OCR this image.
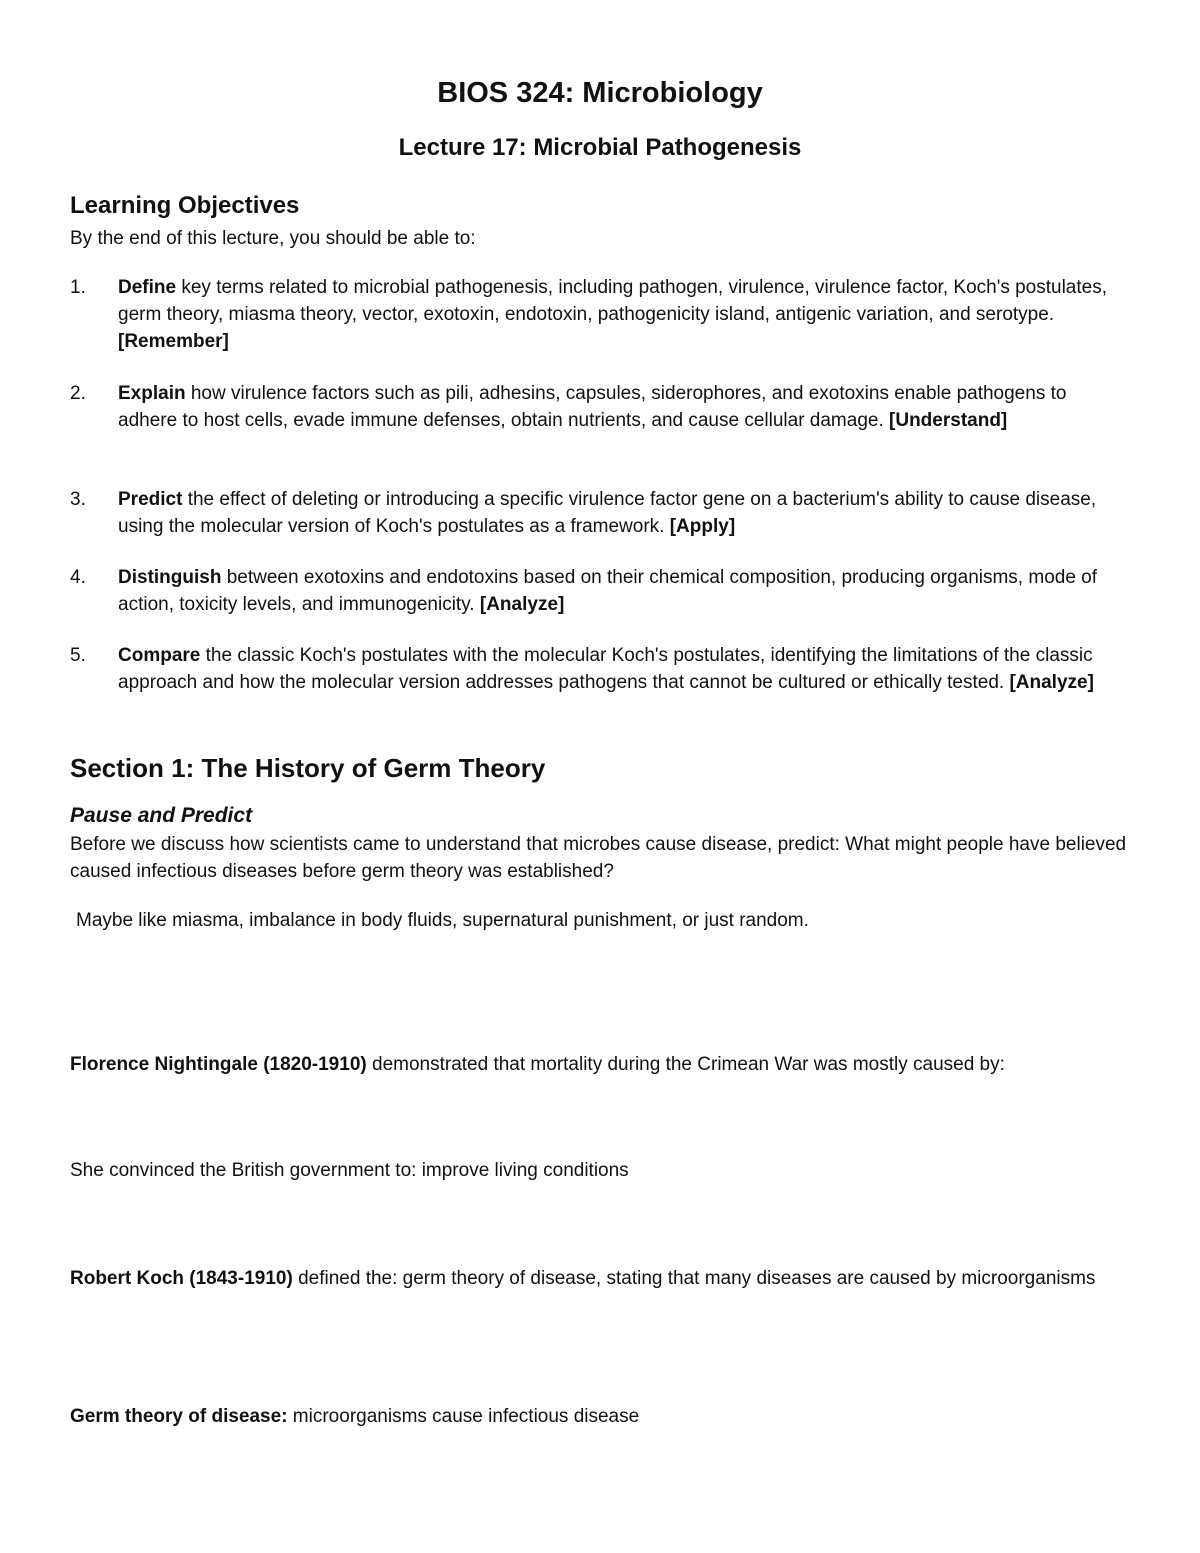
BIOS 324: Microbiology
Lecture 17: Microbial Pathogenesis
Learning Objectives

By the end of this lecture, you should be able to:

1.	Define key terms related to microbial pathogenesis, including pathogen, virulence, virulence factor, Koch's postulates, germ theory, miasma theory, vector, exotoxin, endotoxin, pathogenicity island, antigenic variation, and serotype. [Remember]
2.	Explain how virulence factors such as pili, adhesins, capsules, siderophores, and exotoxins enable pathogens to adhere to host cells, evade immune defenses, obtain nutrients, and cause cellular damage. [Understand]
3.	Predict the effect of deleting or introducing a specific virulence factor gene on a bacterium's ability to cause disease, using the molecular version of Koch's postulates as a framework. [Apply]
4.	Distinguish between exotoxins and endotoxins based on their chemical composition, producing organisms, mode of action, toxicity levels, and immunogenicity. [Analyze]
5.	Compare the classic Koch's postulates with the molecular Koch's postulates, identifying the limitations of the classic approach and how the molecular version addresses pathogens that cannot be cultured or ethically tested. [Analyze]
Section 1: The History of Germ Theory
Pause and Predict

Before we discuss how scientists came to understand that microbes cause disease, predict: What might people have believed caused infectious diseases before germ theory was established?

Maybe like miasma, imbalance in body fluids, supernatural punishment, or just random.

Florence Nightingale (1820-1910) demonstrated that mortality during the Crimean War was mostly caused by:

She convinced the British government to: improve living conditions

Robert Koch (1843-1910) defined the: germ theory of disease, stating that many diseases are caused by microorganisms

Germ theory of disease: microorganisms cause infectious disease
